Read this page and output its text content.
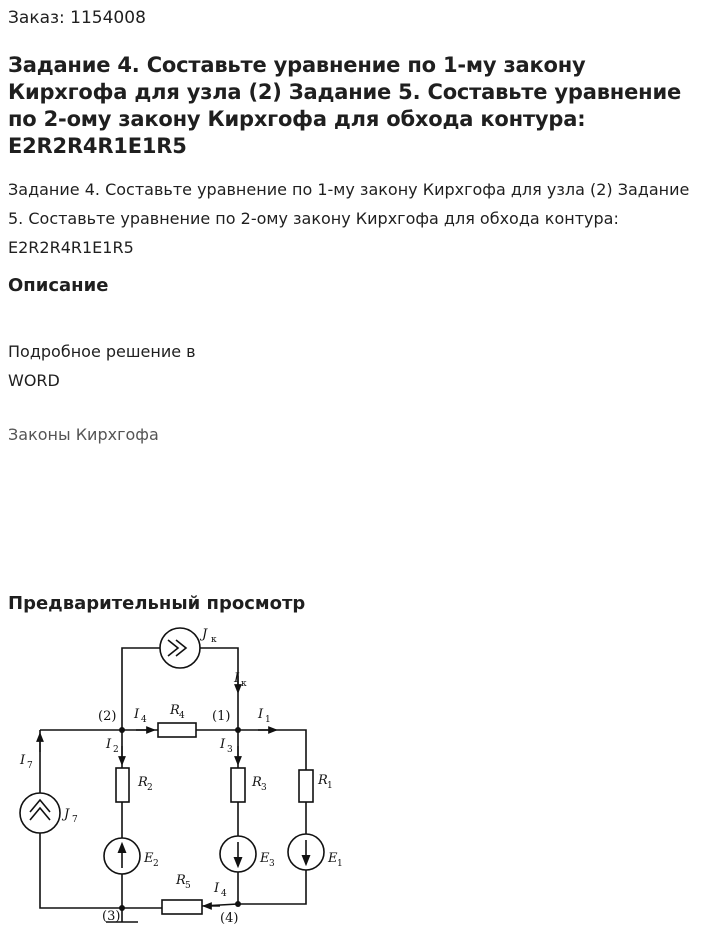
Заказ: 1154008
Задание 4. Составьте уравнение по 1-му закону Кирхгофа для узла (2) Задание 5. Составьте уравнение по 2-ому закону Кирхгофа для обхода контура: E2R2R4R1E1R5
Задание 4. Составьте уравнение по 1-му закону Кирхгофа для узла (2) Задание 5. Составьте уравнение по 2-ому закону Кирхгофа для обхода контура: E2R2R4R1E1R5
Описание
Подробное решение в
WORD
Законы Кирхгофа
Предварительный просмотр
J к
I к
(2)	(1)
(3)	(4)
I 4	I 1
I 2	I 3
I 7
I 4
R 4
R 2	R 3	R 1
R 5
J 7
E 2	E 3	E 1
